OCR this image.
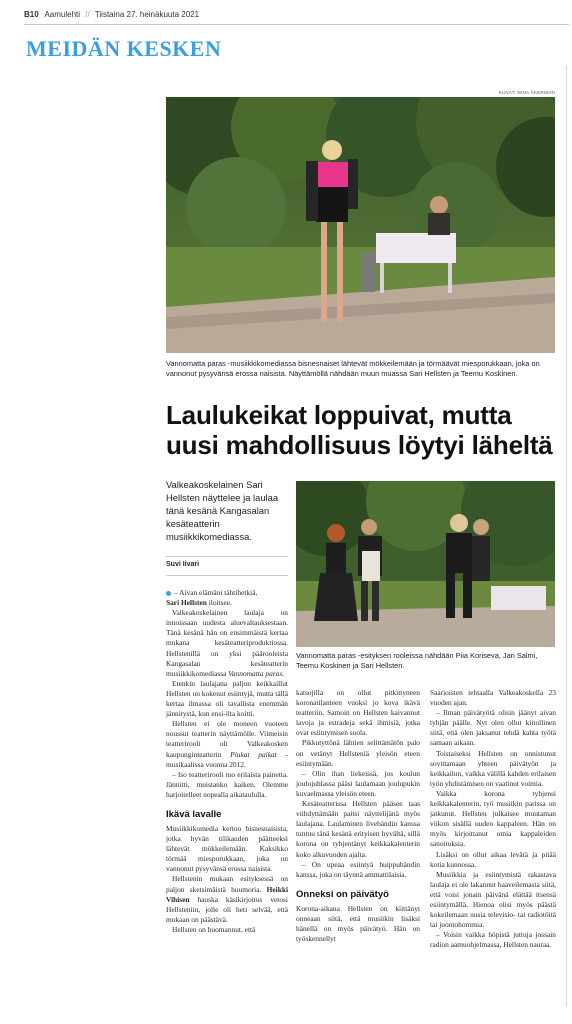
B10 Aamulehti // Tiistaina 27. heinäkuuta 2021
MEIDÄN KESKEN
KUVAT: NINA ÅKERMAN
Vannomatta paras -musiikkikomediassa bisnesnaiset lähtevät mökkeilemään ja törmäävät miesporukkaan, joka on vannonut pysyvänsä erossa naisista. Näyttämöllä nähdään muun muassa Sari Hellsten ja Teemu Koskinen.
Laulukeikat loppuivat, mutta
uusi mahdollisuus löytyi läheltä
Valkeakoskelainen Sari Hellsten näyttelee ja laulaa tänä kesänä Kangasalan kesäteatterin musiikkikomediassa.
Suvi Iivari
Vannomatta paras -esityksen rooleissa nähdään Piia Koriseva, Jari Salmi, Teemu Koskinen ja Sari Hellsten.

– Aivan elämäni tähtihetkiä,
Sari Hellsten iloitsee.

Valkeakoskelainen laulaja on innoissaan uudesta aluevaltauksestaan. Tänä kesänä hän on ensimmäistä kertaa mukana kesäteatteriproduktiossa. Hellstenillä on yksi päärooleista Kangasalan kesäteatterin musiikkikomediassa Vannomatta paras.

Etenkin laulajana paljon keikkaillut Hellsten on kokenut esiintyjä, mutta tällä kertaa ilmassa oli tavallista enemmän jännitystä, kun ensi-ilta koitti.

Hellsten ei ole moneen vuoteen noussut teatterin näyttämölle. Viimeisin teatterirooli oli Valkeakosken kaupunginteatterin Piukat paikat -musikaalissa vuonna 2012.

– Iso teatterirooli tuo erilaista painetta. Jännitti, muistanko kaiken. Olemme harjoitelleet nopealla aikataululla.

Ikävä lavalle

Musiikkikomedia kertoo bisnesnaisista, jotka hyvän tilikauden päätteeksi lähtevät mökkeilemään. Kaksikko törmää miesporukkaan, joka on vannonut pysyvänsä erossa naisista.

Hellstenin mukaan esityksessä on paljon sketsimäistä huumoria. Heikki Vihisen hauska käsikirjoitus vetosi Hellsteniin, jolle oli heti selvää, että mukaan on päästävä.

Hellsten on huomannut, että

katsojilla on ollut pitkittyneen koronatilanteen vuoksi jo kova ikävä teatteriin. Samoin on Hellsten kaivannut lavoja ja estradeja sekä ihmisiä, jotka ovat esiintymisen suola.

Pikkutyttönä lähtien selittämätön palo on vetänyt Hellsteniä yleisön eteen esiintymään.

– Olin ihan liekeissä, jos koulun joulujuhlassa pääsi laulamaan joulupukin kuvaelmassa yleisön eteen.

Kesäteatterissa Hellsten pääsee taas viihdyttämään paitsi näyttelijänä myös laulajana. Laulaminen livebändin kanssa tuntuu tänä kesänä erityisen hyvältä, sillä korona on tyhjentänyt keikkakalenterin koko alkuvuoden ajalta.

– On upeaa esiintyä huippubändin kanssa, joka on täynnä ammattilaisia.

Onneksi on päivätyö

Korona-aikana Hellsten on kiittänyt onneaan siitä, että musiikin lisäksi hänellä on myös päivätyö. Hän on työskennellyt

Saarioisten tehtaalla Valkeakoskella 23 vuoden ajan.

– Ilman päivätyötä olisin jäänyt aivan tyhjän päälle. Nyt olen ollut kiitollinen siitä, että olen jaksanut tehdä kahta työtä samaan aikaan.

Toistaiseksi Hellsten on onnistunut sovittamaan yhteen päivätyön ja keikkailun, vaikka välillä kahden erilaisen työn yhdistämisen on vaatinut voimia.

Vaikka korona tyhjensi keikkakalenterin, työ musiikin parissa on jatkunut. Hellsten julkaisee muutaman viikon sisällä uuden kappaleen. Hän on myös kirjoittanut omia kappaleiden sanoituksia.

Lisäksi on ollut aikaa levätä ja pitää kotia kunnossa.

Musiikkia ja esiintymistä rakastava laulaja ei ole lakannut haaveilemasta siitä, että voisi jonain päivänä elättää itsensä esiintymällä. Hienoa olisi myös päästä kokeilemaan uusia televisio- tai radiotöitä tai juontohommia.

– Voisin vaikka höpistä juttuja jossain radion aamuohjelmassa, Hellsten nauraa.
